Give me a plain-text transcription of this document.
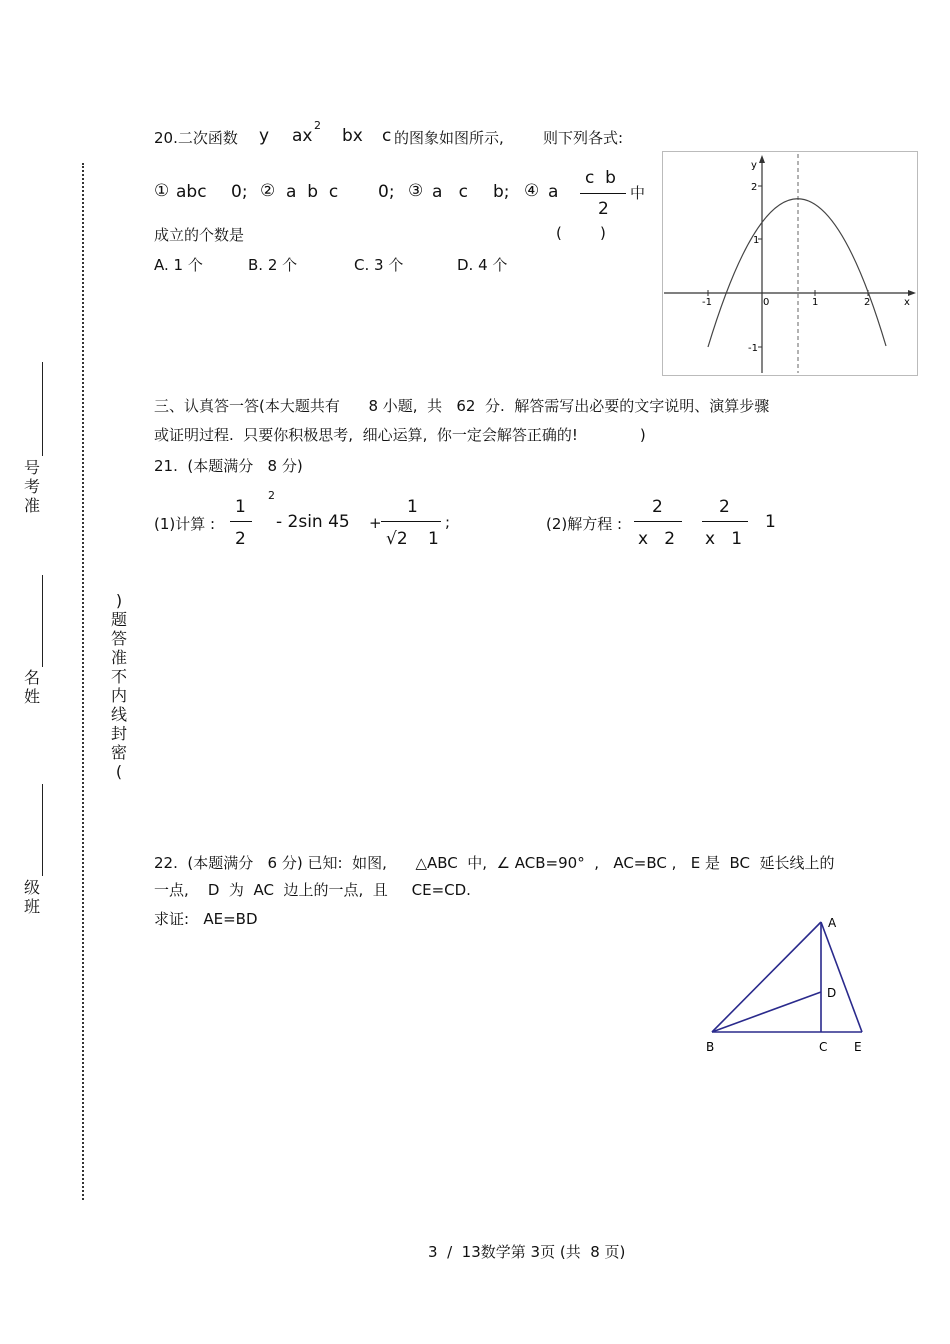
号考准
名姓
级班
)题答准不内线封密(
20.二次函数 y ax
2
bx c 的图象如图所示,	则下列各式:
① abc 0; ② a  b  c 0; ③ a   c b; ④ a
c  b
2
中
成立的个数是	(        )
A. 1 个	B. 2 个	C. 3 个	D. 4 个
y
x
2
1
-1
-1	0	1	2
三、认真答一答(本大题共有      8 小题,  共   62  分.  解答需写出必要的文字说明、演算步骤
或证明过程.  只要你积极思考,  细心运算,  你一定会解答正确的!             )
21.  (本题满分   8 分)
(1)计算 :
1
2
2
- 2sin 45 +
1
√2 1
;	(2)解方程 :
2
x   2
2
x   1
1
22.  (本题满分   6 分) 已知:  如图,      △ABC  中,  ∠ ACB=90°  ,   AC=BC ,   E 是  BC  延长线上的
一点,    D  为  AC  边上的一点,  且     CE=CD.
求证:   AE=BD	A
D
B	C E
3  /  13数学第 3页 (共  8 页)
